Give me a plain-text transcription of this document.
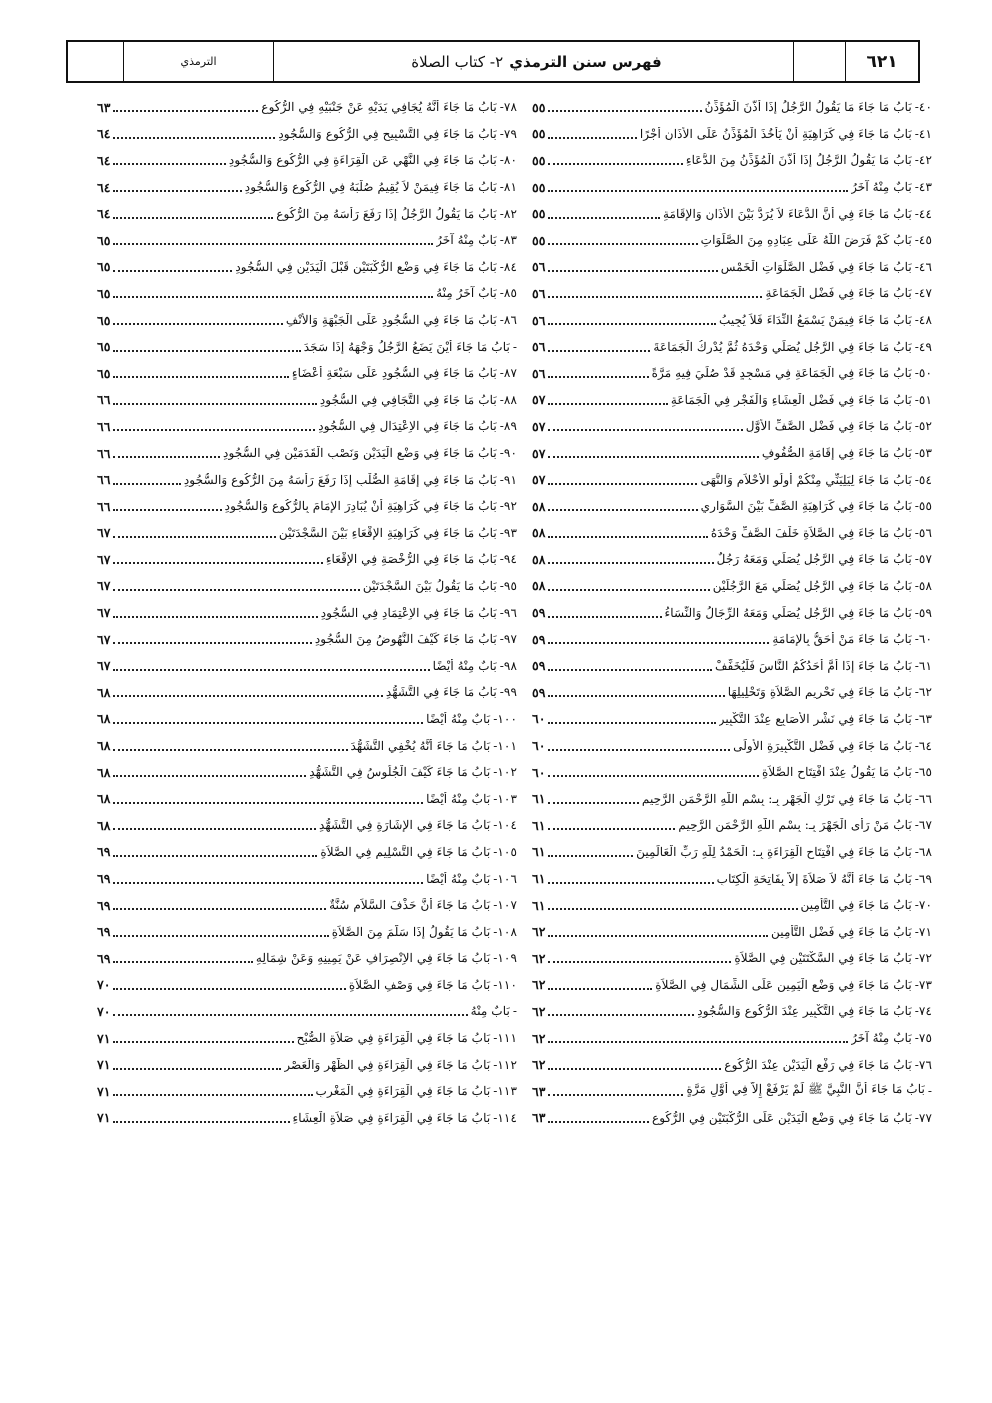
٦٢١
فهرس سنن الترمذي
٢- كتاب الصلاة
الترمذي
٤٠
-
بَابُ مَا جَاءَ مَا يَقُولُ الرَّجُلُ إِذَا أَذَّنَ الْمُؤَذِّنُ
٥٥
٤١
-
بَابُ مَا جَاءَ فِي كَرَاهِيَةِ أَنْ يَأْخُذَ الْمُؤَذِّنُ عَلَى الأَذَانِ أَجْرًا
٥٥
٤٢
-
بَابُ مَا يَقُولُ الرَّجُلُ إِذَا أَذَّنَ الْمُؤَذِّنُ مِنَ الدُّعَاءِ
٥٥
٤٣
-
بَابٌ مِنْهُ آخَرُ
٥٥
٤٤
-
بَابُ مَا جَاءَ فِي أَنَّ الدُّعَاءَ لاَ يُرَدُّ بَيْنَ الأَذَانِ وَالإِقَامَةِ
٥٥
٤٥
-
بَابُ كَمْ فَرَضَ اللَّهُ عَلَى عِبَادِهِ مِنَ الصَّلَوَاتِ
٥٥
٤٦
-
بَابُ مَا جَاءَ فِي فَضْلِ الصَّلَوَاتِ الْخَمْسِ
٥٦
٤٧
-
بَابُ مَا جَاءَ فِي فَضْلِ الْجَمَاعَةِ
٥٦
٤٨
-
بَابُ مَا جَاءَ فِيمَنْ يَسْمَعُ النِّدَاءَ فَلاَ يُجِيبُ
٥٦
٤٩
-
بَابُ مَا جَاءَ فِي الرَّجُلِ يُصَلِّي وَحْدَهُ ثُمَّ يُدْرِكُ الْجَمَاعَةَ
٥٦
٥٠
-
بَابُ مَا جَاءَ فِي الْجَمَاعَةِ فِي مَسْجِدٍ قَدْ صُلِّيَ فِيهِ مَرَّةً
٥٦
٥١
-
بَابُ مَا جَاءَ فِي فَضْلِ الْعِشَاءِ وَالْفَجْرِ فِي الْجَمَاعَةِ
٥٧
٥٢
-
بَابُ مَا جَاءَ فِي فَضْلِ الصَّفِّ الأَوَّلِ
٥٧
٥٣
-
بَابُ مَا جَاءَ فِي إِقَامَةِ الصُّفُوفِ
٥٧
٥٤
-
بَابُ مَا جَاءَ لِيَلِيَنِّي مِنْكُمْ أُولُو الأَحْلاَمِ وَالنُّهَى
٥٧
٥٥
-
بَابُ مَا جَاءَ فِي كَرَاهِيَةِ الصَّفِّ بَيْنَ السَّوَارِي
٥٨
٥٦
-
بَابُ مَا جَاءَ فِي الصَّلاَةِ خَلْفَ الصَّفِّ وَحْدَهُ
٥٨
٥٧
-
بَابُ مَا جَاءَ فِي الرَّجُلِ يُصَلِّي وَمَعَهُ رَجُلٌ
٥٨
٥٨
-
بَابُ مَا جَاءَ فِي الرَّجُلِ يُصَلِّي مَعَ الرَّجُلَيْنِ
٥٨
٥٩
-
بَابُ مَا جَاءَ فِي الرَّجُلِ يُصَلِّي وَمَعَهُ الرِّجَالُ وَالنِّسَاءُ
٥٩
٦٠
-
بَابُ مَا جَاءَ مَنْ أَحَقُّ بِالإِمَامَةِ
٥٩
٦١
-
بَابُ مَا جَاءَ إِذَا أَمَّ أَحَدُكُمُ النَّاسَ فَلْيُخَفِّفْ
٥٩
٦٢
-
بَابُ مَا جَاءَ فِي تَحْرِيمِ الصَّلاَةِ وَتَحْلِيلِهَا
٥٩
٦٣
-
بَابُ مَا جَاءَ فِي نَشْرِ الأَصَابِعِ عِنْدَ التَّكْبِيرِ
٦٠
٦٤
-
بَابُ مَا جَاءَ فِي فَضْلِ التَّكْبِيرَةِ الأُولَى
٦٠
٦٥
-
بَابُ مَا يَقُولُ عِنْدَ افْتِتَاحِ الصَّلاَةِ
٦٠
٦٦
-
بَابُ مَا جَاءَ فِي تَرْكِ الْجَهْرِ بِـ: بِسْمِ اللَّهِ الرَّحْمَنِ الرَّحِيمِ
٦١
٦٧
-
بَابُ مَنْ رَأَى الْجَهْرَ بِـ: بِسْمِ اللَّهِ الرَّحْمَنِ الرَّحِيمِ
٦١
٦٨
-
بَابُ مَا جَاءَ فِي افْتِتَاحِ الْقِرَاءَةِ بِـ: الْحَمْدُ لِلَّهِ رَبِّ الْعَالَمِينَ
٦١
٦٩
-
بَابُ مَا جَاءَ أَنَّهُ لاَ صَلاَةَ إِلاَّ بِفَاتِحَةِ الْكِتَابِ
٦١
٧٠
-
بَابُ مَا جَاءَ فِي التَّأْمِينِ
٦١
٧١
-
بَابُ مَا جَاءَ فِي فَضْلِ التَّأْمِينِ
٦٢
٧٢
-
بَابُ مَا جَاءَ فِي السَّكْتَتَيْنِ فِي الصَّلاَةِ
٦٢
٧٣
-
بَابُ مَا جَاءَ فِي وَضْعِ الْيَمِينِ عَلَى الشِّمَالِ فِي الصَّلاَةِ
٦٢
٧٤
-
بَابُ مَا جَاءَ فِي التَّكْبِيرِ عِنْدَ الرُّكُوعِ وَالسُّجُودِ
٦٢
٧٥
-
بَابٌ مِنْهُ آخَرُ
٦٢
٧٦
-
بَابُ مَا جَاءَ فِي رَفْعِ الْيَدَيْنِ عِنْدَ الرُّكُوعِ
٦٢
-
بَابُ مَا جَاءَ أَنَّ النَّبِيَّ ﷺ لَمْ يَرْفَعْ إِلاَّ فِي أَوَّلِ مَرَّةٍ
٦٣
٧٧
-
بَابُ مَا جَاءَ فِي وَضْعِ الْيَدَيْنِ عَلَى الرُّكْبَتَيْنِ فِي الرُّكُوعِ
٦٣
٧٨
-
بَابُ مَا جَاءَ أَنَّهُ يُجَافِي يَدَيْهِ عَنْ جَنْبَيْهِ فِي الرُّكُوعِ
٦٣
٧٩
-
بَابُ مَا جَاءَ فِي التَّسْبِيحِ فِي الرُّكُوعِ وَالسُّجُودِ
٦٤
٨٠
-
بَابُ مَا جَاءَ فِي النَّهْيِ عَنِ الْقِرَاءَةِ فِي الرُّكُوعِ وَالسُّجُودِ
٦٤
٨١
-
بَابُ مَا جَاءَ فِيمَنْ لاَ يُقِيمُ صُلْبَهُ فِي الرُّكُوعِ وَالسُّجُودِ
٦٤
٨٢
-
بَابُ مَا يَقُولُ الرَّجُلُ إِذَا رَفَعَ رَأْسَهُ مِنَ الرُّكُوعِ
٦٤
٨٣
-
بَابٌ مِنْهُ آخَرُ
٦٥
٨٤
-
بَابُ مَا جَاءَ فِي وَضْعِ الرُّكْبَتَيْنِ قَبْلَ الْيَدَيْنِ فِي السُّجُودِ
٦٥
٨٥
-
بَابٌ آخَرُ مِنْهُ
٦٥
٨٦
-
بَابُ مَا جَاءَ فِي السُّجُودِ عَلَى الْجَبْهَةِ وَالأَنْفِ
٦٥
-
بَابُ مَا جَاءَ أَيْنَ يَضَعُ الرَّجُلُ وَجْهَهُ إِذَا سَجَدَ
٦٥
٨٧
-
بَابُ مَا جَاءَ فِي السُّجُودِ عَلَى سَبْعَةِ أَعْضَاءٍ
٦٥
٨٨
-
بَابُ مَا جَاءَ فِي التَّجَافِي فِي السُّجُودِ
٦٦
٨٩
-
بَابُ مَا جَاءَ فِي الاِعْتِدَالِ فِي السُّجُودِ
٦٦
٩٠
-
بَابُ مَا جَاءَ فِي وَضْعِ الْيَدَيْنِ وَنَصْبِ الْقَدَمَيْنِ فِي السُّجُودِ
٦٦
٩١
-
بَابُ مَا جَاءَ فِي إِقَامَةِ الصُّلْبِ إِذَا رَفَعَ رَأْسَهُ مِنَ الرُّكُوعِ وَالسُّجُودِ
٦٦
٩٢
-
بَابُ مَا جَاءَ فِي كَرَاهِيَةِ أَنْ يُبَادِرَ الإِمَامَ بِالرُّكُوعِ وَالسُّجُودِ
٦٦
٩٣
-
بَابُ مَا جَاءَ فِي كَرَاهِيَةِ الإِقْعَاءِ بَيْنَ السَّجْدَتَيْنِ
٦٧
٩٤
-
بَابُ مَا جَاءَ فِي الرُّخْصَةِ فِي الإِقْعَاءِ
٦٧
٩٥
-
بَابُ مَا يَقُولُ بَيْنَ السَّجْدَتَيْنِ
٦٧
٩٦
-
بَابُ مَا جَاءَ فِي الاِعْتِمَادِ فِي السُّجُودِ
٦٧
٩٧
-
بَابُ مَا جَاءَ كَيْفَ النُّهُوضُ مِنَ السُّجُودِ
٦٧
٩٨
-
بَابٌ مِنْهُ أَيْضًا
٦٧
٩٩
-
بَابُ مَا جَاءَ فِي التَّشَهُّدِ
٦٨
١٠٠
-
بَابٌ مِنْهُ أَيْضًا
٦٨
١٠١
-
بَابُ مَا جَاءَ أَنَّهُ يُخْفِي التَّشَهُّدَ
٦٨
١٠٢
-
بَابُ مَا جَاءَ كَيْفَ الْجُلُوسُ فِي التَّشَهُّدِ
٦٨
١٠٣
-
بَابٌ مِنْهُ أَيْضًا
٦٨
١٠٤
-
بَابُ مَا جَاءَ فِي الإِشَارَةِ فِي التَّشَهُّدِ
٦٨
١٠٥
-
بَابُ مَا جَاءَ فِي التَّسْلِيمِ فِي الصَّلاَةِ
٦٩
١٠٦
-
بَابٌ مِنْهُ أَيْضًا
٦٩
١٠٧
-
بَابُ مَا جَاءَ أَنَّ حَذْفَ السَّلاَمِ سُنَّةٌ
٦٩
١٠٨
-
بَابُ مَا يَقُولُ إِذَا سَلَّمَ مِنَ الصَّلاَةِ
٦٩
١٠٩
-
بَابُ مَا جَاءَ فِي الاِنْصِرَافِ عَنْ يَمِينِهِ وَعَنْ شِمَالِهِ
٦٩
١١٠
-
بَابُ مَا جَاءَ فِي وَصْفِ الصَّلاَةِ
٧٠
-
بَابٌ مِنْهُ
٧٠
١١١
-
بَابُ مَا جَاءَ فِي الْقِرَاءَةِ فِي صَلاَةِ الصُّبْحِ
٧١
١١٢
-
بَابُ مَا جَاءَ فِي الْقِرَاءَةِ فِي الظُّهْرِ وَالْعَصْرِ
٧١
١١٣
-
بَابُ مَا جَاءَ فِي الْقِرَاءَةِ فِي الْمَغْرِبِ
٧١
١١٤
-
بَابُ مَا جَاءَ فِي الْقِرَاءَةِ فِي صَلاَةِ الْعِشَاءِ
٧١
